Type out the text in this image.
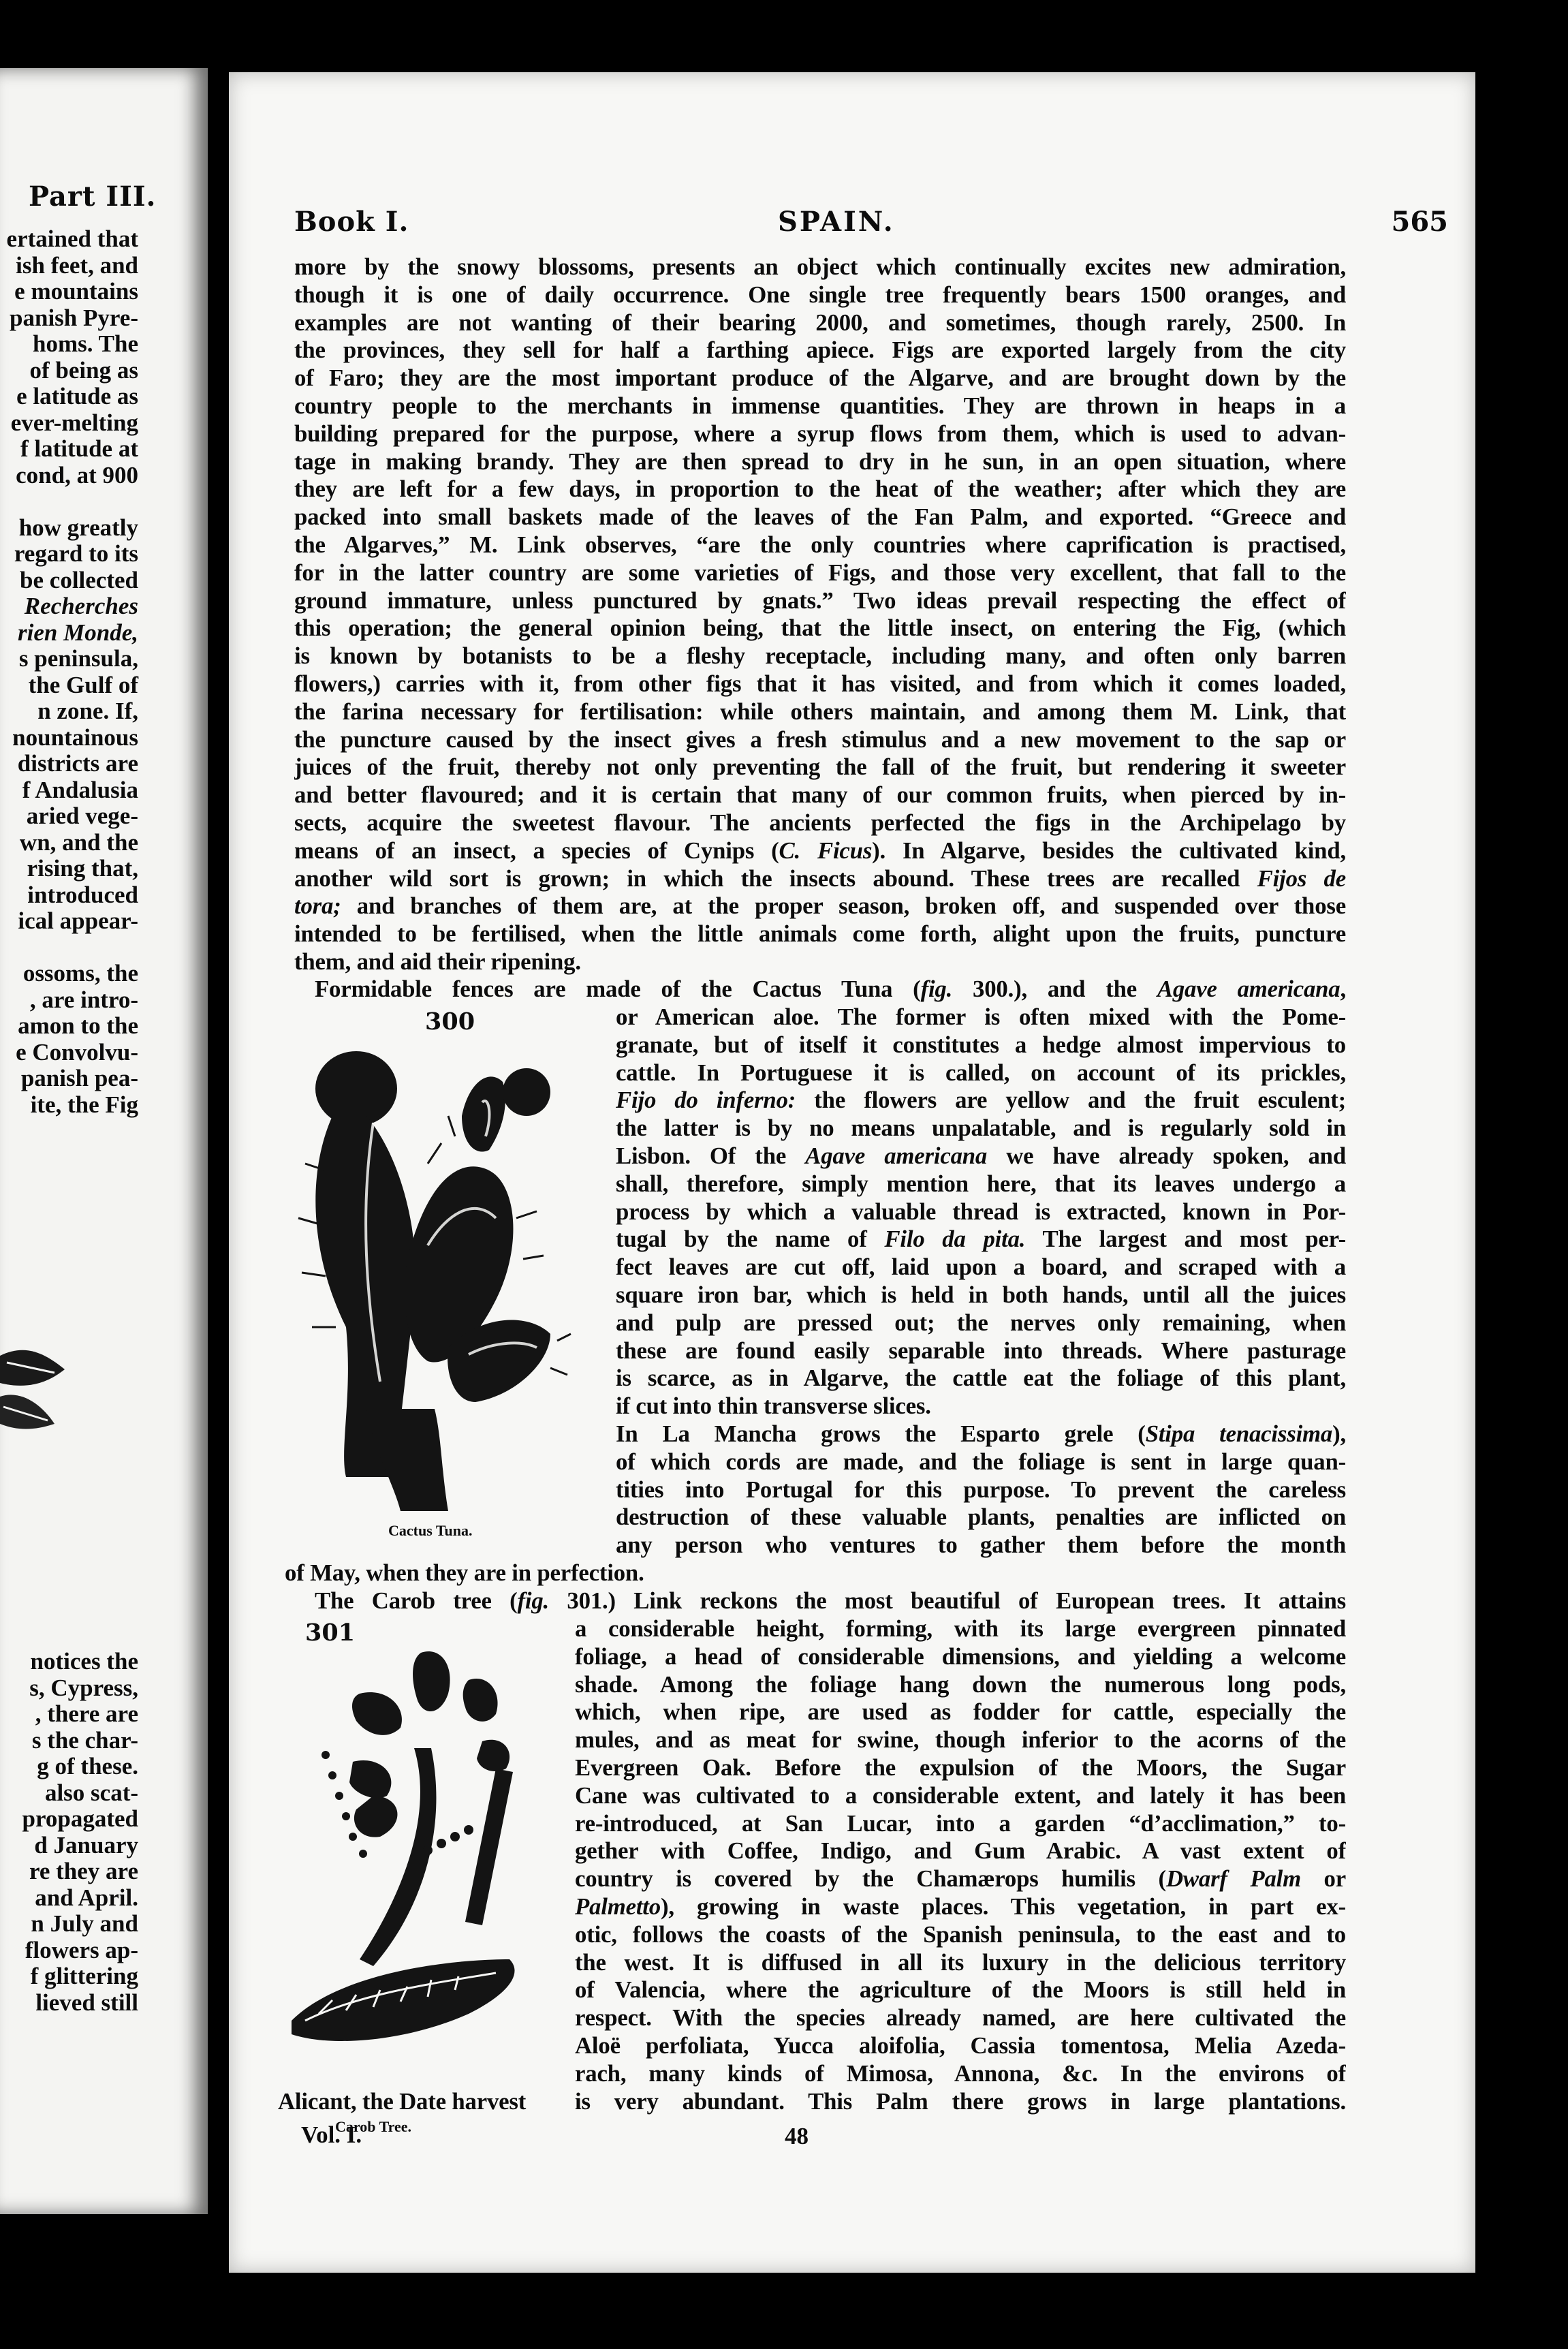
Part III.
ertained that
ish feet, and
e mountains
panish Pyre-
homs. The
of being as
e latitude as
ever-melting
f latitude at
cond, at 900

how greatly
regard to its
be collected
Recherches
rien Monde,
s peninsula,
the Gulf of
n zone. If,
nountainous
districts are
f Andalusia
aried vege-
wn, and the
rising that,
introduced
ical appear-

ossoms, the
, are intro-
amon to the
e Convolvu-
panish pea-
ite, the Fig
notices the
s, Cypress,
, there are
s the char-
g of these.
also scat-
propagated
d January
re they are
and April.
n July and
flowers ap-
f glittering
lieved still
Book I.	SPAIN.	565
more by the snowy blossoms, presents an object which continually excites new admiration,
though it is one of daily occurrence. One single tree frequently bears 1500 oranges, and
examples are not wanting of their bearing 2000, and sometimes, though rarely, 2500. In
the provinces, they sell for half a farthing apiece. Figs are exported largely from the city
of Faro; they are the most important produce of the Algarve, and are brought down by the
country people to the merchants in immense quantities. They are thrown in heaps in a
building prepared for the purpose, where a syrup flows from them, which is used to advan-
tage in making brandy. They are then spread to dry in he sun, in an open situation, where
they are left for a few days, in proportion to the heat of the weather; after which they are
packed into small baskets made of the leaves of the Fan Palm, and exported. “Greece and
the Algarves,” M. Link observes, “are the only countries where caprification is practised,
for in the latter country are some varieties of Figs, and those very excellent, that fall to the
ground immature, unless punctured by gnats.” Two ideas prevail respecting the effect of
this operation; the general opinion being, that the little insect, on entering the Fig, (which
is known by botanists to be a fleshy receptacle, including many, and often only barren
flowers,) carries with it, from other figs that it has visited, and from which it comes loaded,
the farina necessary for fertilisation: while others maintain, and among them M. Link, that
the puncture caused by the insect gives a fresh stimulus and a new movement to the sap or
juices of the fruit, thereby not only preventing the fall of the fruit, but rendering it sweeter
and better flavoured; and it is certain that many of our common fruits, when pierced by in-
sects, acquire the sweetest flavour. The ancients perfected the figs in the Archipelago by
means of an insect, a species of Cynips (C. Ficus). In Algarve, besides the cultivated kind,
another wild sort is grown; in which the insects abound. These trees are recalled Fijos de
tora; and branches of them are, at the proper season, broken off, and suspended over those
intended to be fertilised, when the little animals come forth, alight upon the fruits, puncture
them, and aid their ripening.
Formidable fences are made of the Cactus Tuna (fig. 300.), and the Agave americana,
300
Cactus Tuna.
or American aloe. The former is often mixed with the Pome-
granate, but of itself it constitutes a hedge almost impervious to
cattle. In Portuguese it is called, on account of its prickles,
Fijo do inferno: the flowers are yellow and the fruit esculent;
the latter is by no means unpalatable, and is regularly sold in
Lisbon. Of the Agave americana we have already spoken, and
shall, therefore, simply mention here, that its leaves undergo a
process by which a valuable thread is extracted, known in Por-
tugal by the name of Filo da pita. The largest and most per-
fect leaves are cut off, laid upon a board, and scraped with a
square iron bar, which is held in both hands, until all the juices
and pulp are pressed out; the nerves only remaining, when
these are found easily separable into threads. Where pasturage
is scarce, as in Algarve, the cattle eat the foliage of this plant,
if cut into thin transverse slices.
In La Mancha grows the Esparto grele (Stipa tenacissima),
of which cords are made, and the foliage is sent in large quan-
tities into Portugal for this purpose. To prevent the careless
destruction of these valuable plants, penalties are inflicted on
any person who ventures to gather them before the month
of May, when they are in perfection.
The Carob tree (fig. 301.) Link reckons the most beautiful of European trees. It attains
301
Carob Tree.
a considerable height, forming, with its large evergreen pinnated
foliage, a head of considerable dimensions, and yielding a welcome
shade. Among the foliage hang down the numerous long pods,
which, when ripe, are used as fodder for cattle, especially the
mules, and as meat for swine, though inferior to the acorns of the
Evergreen Oak. Before the expulsion of the Moors, the Sugar
Cane was cultivated to a considerable extent, and lately it has been
re-introduced, at San Lucar, into a garden “d’acclimation,” to-
gether with Coffee, Indigo, and Gum Arabic. A vast extent of
country is covered by the Chamærops humilis (Dwarf Palm or
Palmetto), growing in waste places. This vegetation, in part ex-
otic, follows the coasts of the Spanish peninsula, to the east and to
the west. It is diffused in all its luxury in the delicious territory
of Valencia, where the agriculture of the Moors is still held in
respect. With the species already named, are here cultivated the
Aloë perfoliata, Yucca aloifolia, Cassia tomentosa, Melia Azeda-
rach, many kinds of Mimosa, Annona, &c. In the environs of
Alicant, the Date harvest is very abundant. This Palm there grows in large plantations.
Vol. I.	48
